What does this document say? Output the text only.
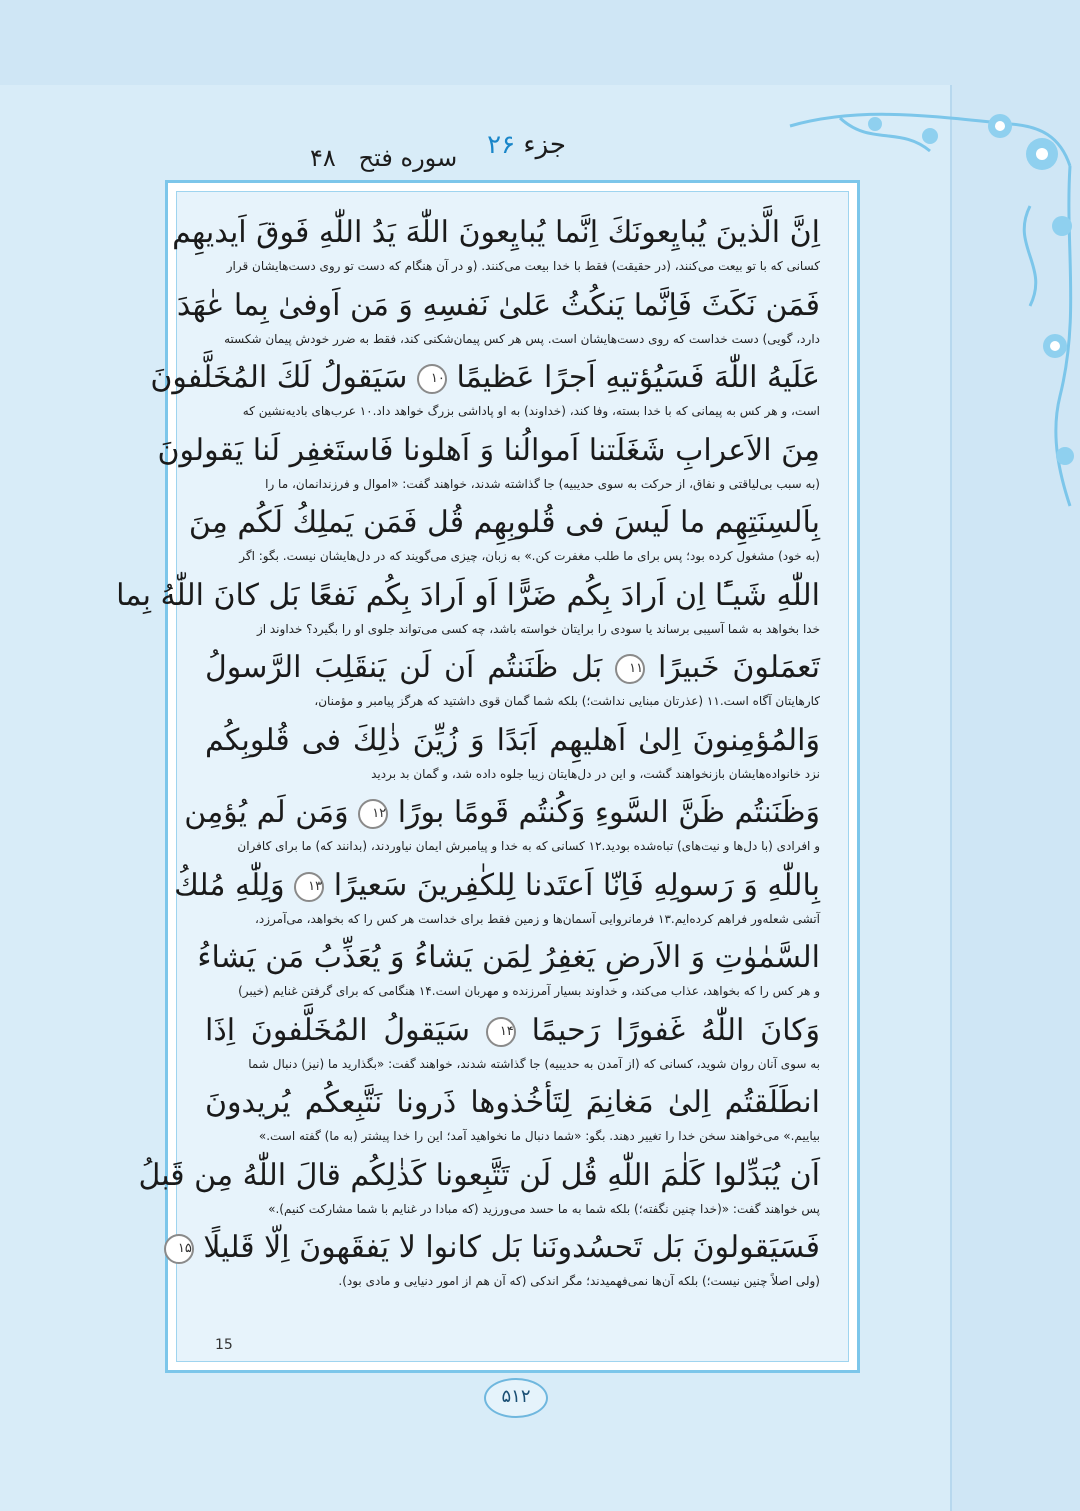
جزء ۲۶
سوره فتح   ۴۸
اِنَّ الَّذینَ یُبایِعونَكَ اِنَّما یُبایِعونَ اللّٰهَ یَدُ اللّٰهِ فَوقَ اَیدیهِم
كسانی كه با تو بیعت می‌كنند، (در حقیقت) فقط با خدا بیعت می‌كنند. (و در آن هنگام كه دست تو روی دست‌هایشان قرار
فَمَن نَكَثَ فَاِنَّما یَنكُثُ عَلیٰ نَفسِهِ وَ مَن اَوفیٰ بِما عٰهَدَ
دارد، گویی) دست خداست كه روی دست‌هایشان است. پس هر كس پیمان‌شكنی كند، فقط به ضرر خودش پیمان شكسته
عَلَیهُ اللّٰهَ فَسَیُؤتیهِ اَجرًا عَظیمًا ۱۰ سَیَقولُ لَكَ المُخَلَّفونَ
است، و هر كس به پیمانی كه با خدا بسته، وفا كند، (خداوند) به او پاداشی بزرگ خواهد داد.۱۰ عرب‌های بادیه‌نشین كه
مِنَ الاَعرابِ شَغَلَتنا اَموالُنا وَ اَهلونا فَاستَغفِر لَنا یَقولونَ
(به سبب بی‌لیاقتی و نفاق، از حركت به سوی حدیبیه) جا گذاشته شدند، خواهند گفت: «اموال و فرزندانمان، ما را
بِاَلسِنَتِهِم ما لَیسَ فی قُلوبِهِم قُل فَمَن یَملِكُ لَكُم مِنَ
(به خود) مشغول كرده بود؛ پس برای ما طلب مغفرت كن.» به زبان، چیزی می‌گویند كه در دل‌هایشان نیست. بگو: اگر
اللّٰهِ شَیـًٔا اِن اَرادَ بِكُم ضَرًّا اَو اَرادَ بِكُم نَفعًا بَل كانَ اللّٰهُ بِما
خدا بخواهد به شما آسیبی برساند یا سودی را برایتان خواسته باشد، چه كسی می‌تواند جلوی او را بگیرد؟ خداوند از
تَعمَلونَ خَبیرًا ۱۱ بَل ظَنَنتُم اَن لَن یَنقَلِبَ الرَّسولُ
كارهایتان آگاه است.۱۱ (عذرتان مبنایی نداشت؛) بلكه شما گمان قوی داشتید كه هرگز پیامبر و مؤمنان،
وَالمُؤمِنونَ اِلیٰ اَهلیهِم اَبَدًا وَ زُیِّنَ ذٰلِكَ فی قُلوبِكُم
نزد خانواده‌هایشان بازنخواهند گشت، و این در دل‌هایتان زیبا جلوه داده شد، و گمان بد بردید
وَظَنَنتُم ظَنَّ السَّوءِ وَكُنتُم قَومًا بورًا ۱۲ وَمَن لَم یُؤمِن
و افرادی (با دل‌ها و نیت‌های) تباه‌شده بودید.۱۲ كسانی كه به خدا و پیامبرش ایمان نیاوردند، (بدانند كه) ما برای كافران
بِاللّٰهِ وَ رَسولِهِ فَاِنّا اَعتَدنا لِلكٰفِرینَ سَعیرًا ۱۳ وَلِلّٰهِ مُلكُ
آتشی شعله‌ور فراهم كرده‌ایم.۱۳ فرمانروایی آسمان‌ها و زمین فقط برای خداست هر كس را كه بخواهد، می‌آمرزد،
السَّمٰوٰتِ وَ الاَرضِ یَغفِرُ لِمَن یَشاءُ وَ یُعَذِّبُ مَن یَشاءُ
و هر كس را كه بخواهد، عذاب می‌كند، و خداوند بسیار آمرزنده و مهربان است.۱۴ هنگامی كه برای گرفتن غنایم (خیبر)
وَكانَ اللّٰهُ غَفورًا رَحیمًا ۱۴ سَیَقولُ المُخَلَّفونَ اِذَا
به سوی آنان روان شوید، كسانی كه (از آمدن به حدیبیه) جا گذاشته شدند، خواهند گفت: «بگذارید ما (نیز) دنبال شما
انطَلَقتُم اِلیٰ مَغانِمَ لِتَأخُذوها ذَرونا نَتَّبِعكُم یُریدونَ
بیاییم.» می‌خواهند سخن خدا را تغییر دهند. بگو: «شما دنبال ما نخواهید آمد؛ این را خدا پیشتر (به ما) گفته است.»
اَن یُبَدِّلوا كَلٰمَ اللّٰهِ قُل لَن تَتَّبِعونا كَذٰلِكُم قالَ اللّٰهُ مِن قَبلُ
پس خواهند گفت: «(خدا چنین نگفته؛) بلكه شما به ما حسد می‌ورزید (كه مبادا در غنایم با شما مشاركت كنیم).»
فَسَیَقولونَ بَل تَحسُدونَنا بَل كانوا لا یَفقَهونَ اِلّا قَلیلًا ۱۵
(ولی اصلاً چنین نیست؛) بلكه آن‌ها نمی‌فهمیدند؛ مگر اندكی (كه آن هم از امور دنیایی و مادی بود).
15
۵۱۲
